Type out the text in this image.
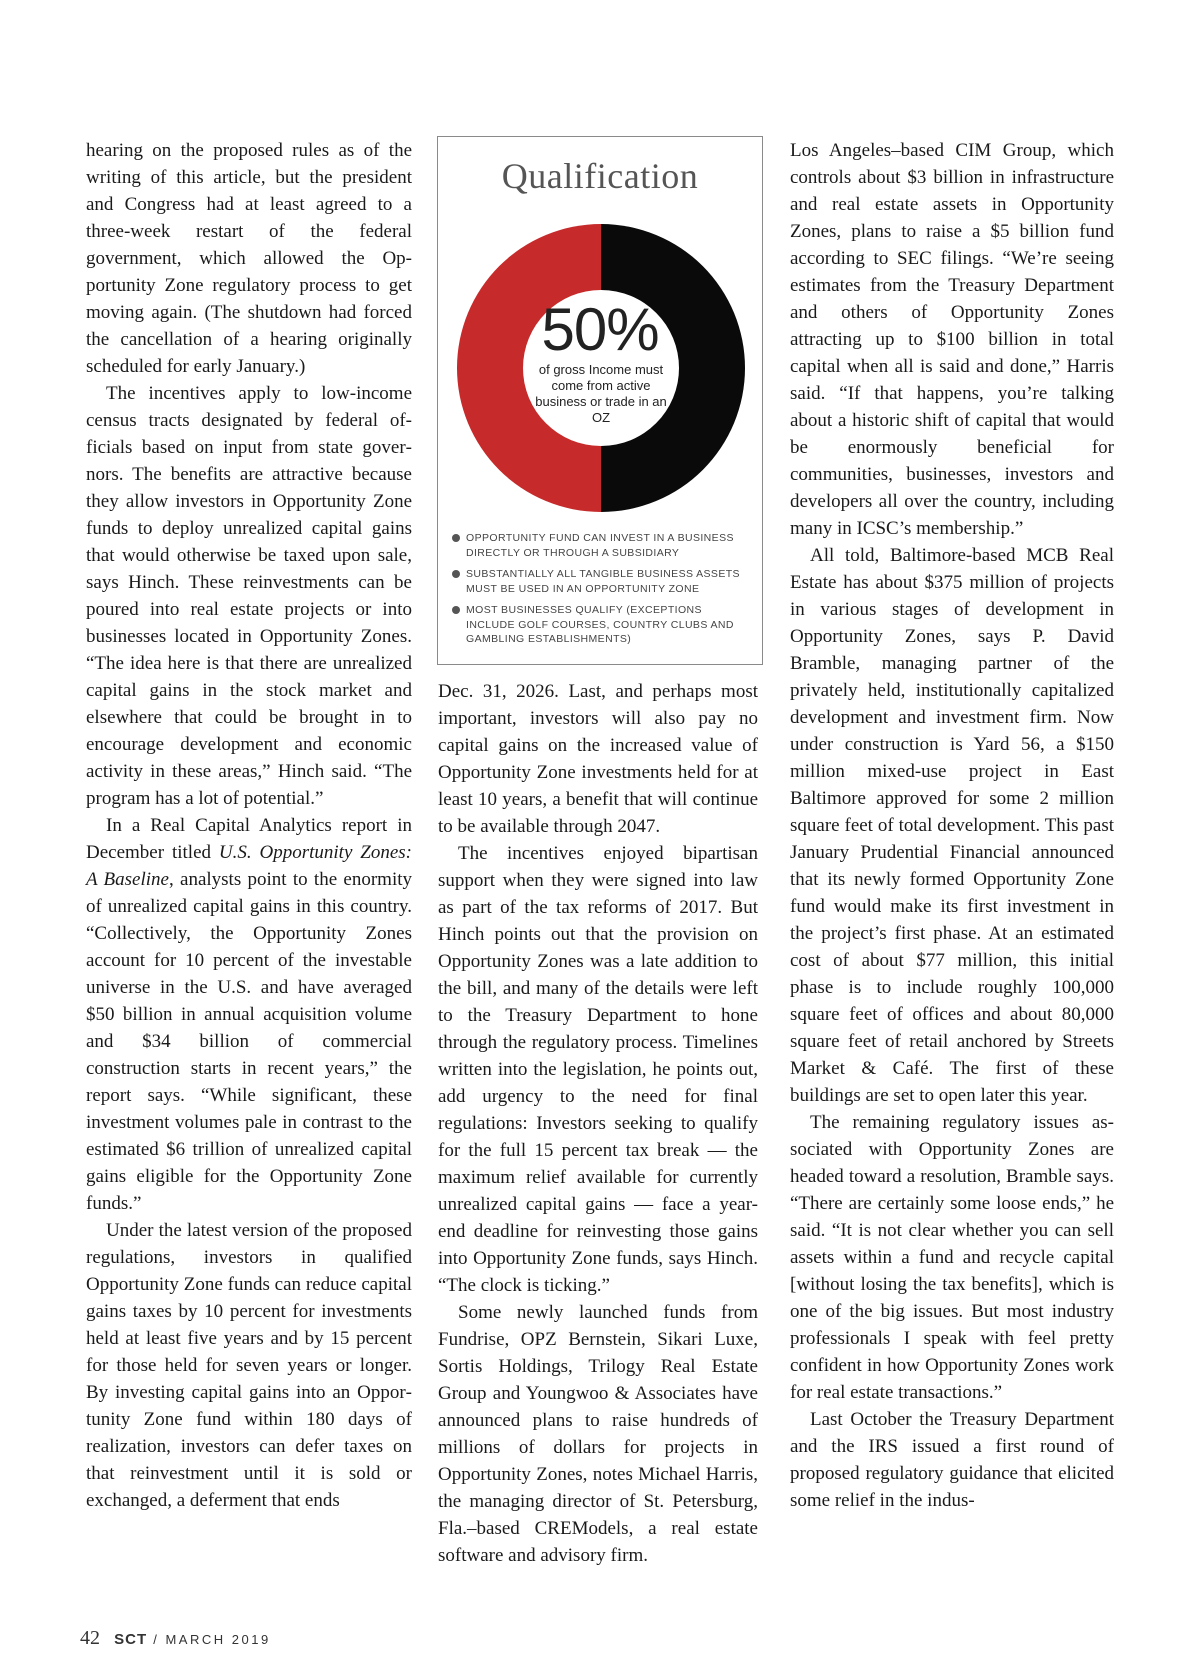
hearing on the proposed rules as of the writing of this article, but the president and Congress had at least agreed to a three-week restart of the federal government, which allowed the Opportunity Zone regulatory process to get moving again. (The shutdown had forced the cancellation of a hearing originally scheduled for early January.)

The incentives apply to low-income census tracts designated by federal officials based on input from state governors. The benefits are attractive because they allow investors in Opportunity Zone funds to deploy unrealized capital gains that would otherwise be taxed upon sale, says Hinch. These reinvestments can be poured into real estate projects or into businesses located in Opportunity Zones. “The idea here is that there are unrealized capital gains in the stock market and elsewhere that could be brought in to encourage development and economic activity in these areas,” Hinch said. “The program has a lot of potential.”

In a Real Capital Analytics report in December titled U.S. Opportunity Zones: A Baseline, analysts point to the enormity of unrealized capital gains in this country. “Collectively, the Opportunity Zones account for 10 percent of the investable universe in the U.S. and have averaged $50 billion in annual acquisition volume and $34 billion of commercial construction starts in recent years,” the report says. “While significant, these investment volumes pale in contrast to the estimated $6 trillion of unrealized capital gains eligible for the Opportunity Zone funds.”

Under the latest version of the proposed regulations, investors in qualified Opportunity Zone funds can reduce capital gains taxes by 10 percent for investments held at least five years and by 15 percent for those held for seven years or longer. By investing capital gains into an Opportunity Zone fund within 180 days of realization, investors can defer taxes on that reinvestment until it is sold or exchanged, a deferment that ends

Qualification
50%
of gross Income must come from active business or trade in an OZ
OPPORTUNITY FUND CAN INVEST IN A BUSINESS DIRECTLY OR THROUGH A SUBSIDIARY
SUBSTANTIALLY ALL TANGIBLE BUSINESS ASSETS MUST BE USED IN AN OPPORTUNITY ZONE
MOST BUSINESSES QUALIFY (EXCEPTIONS INCLUDE GOLF COURSES, COUNTRY CLUBS AND GAMBLING ESTABLISHMENTS)

Dec. 31, 2026. Last, and perhaps most important, investors will also pay no capital gains on the increased value of Opportunity Zone investments held for at least 10 years, a benefit that will continue to be available through 2047.

The incentives enjoyed bipartisan support when they were signed into law as part of the tax reforms of 2017. But Hinch points out that the provision on Opportunity Zones was a late addition to the bill, and many of the details were left to the Treasury Department to hone through the regulatory process. Timelines written into the legislation, he points out, add urgency to the need for final regulations: Investors seeking to qualify for the full 15 percent tax break — the maximum relief available for currently unrealized capital gains — face a year-end deadline for reinvesting those gains into Opportunity Zone funds, says Hinch. “The clock is ticking.”

Some newly launched funds from Fundrise, OPZ Bernstein, Sikari Luxe, Sortis Holdings, Trilogy Real Estate Group and Youngwoo & Associates have announced plans to raise hundreds of millions of dollars for projects in Opportunity Zones, notes Michael Harris, the managing director of St. Petersburg, Fla.–based CREModels, a real estate software and advisory firm.

Los Angeles–based CIM Group, which controls about $3 billion in infrastructure and real estate assets in Opportunity Zones, plans to raise a $5 billion fund according to SEC filings. “We’re seeing estimates from the Treasury Department and others of Opportunity Zones attracting up to $100 billion in total capital when all is said and done,” Harris said. “If that happens, you’re talking about a historic shift of capital that would be enormously beneficial for communities, businesses, investors and developers all over the country, including many in ICSC’s membership.”

All told, Baltimore-based MCB Real Estate has about $375 million of projects in various stages of development in Opportunity Zones, says P. David Bramble, managing partner of the privately held, institutionally capitalized development and investment firm. Now under construction is Yard 56, a $150 million mixed-use project in East Baltimore approved for some 2 million square feet of total development. This past January Prudential Financial announced that its newly formed Opportunity Zone fund would make its first investment in the project’s first phase. At an estimated cost of about $77 million, this initial phase is to include roughly 100,000 square feet of offices and about 80,000 square feet of retail anchored by Streets Market & Café. The first of these buildings are set to open later this year.

The remaining regulatory issues associated with Opportunity Zones are headed toward a resolution, Bramble says. “There are certainly some loose ends,” he said. “It is not clear whether you can sell assets within a fund and recycle capital [without losing the tax benefits], which is one of the big issues. But most industry professionals I speak with feel pretty confident in how Opportunity Zones work for real estate transactions.”

Last October the Treasury Department and the IRS issued a first round of proposed regulatory guidance that elicited some relief in the indus-

42 SCT / MARCH 2019
